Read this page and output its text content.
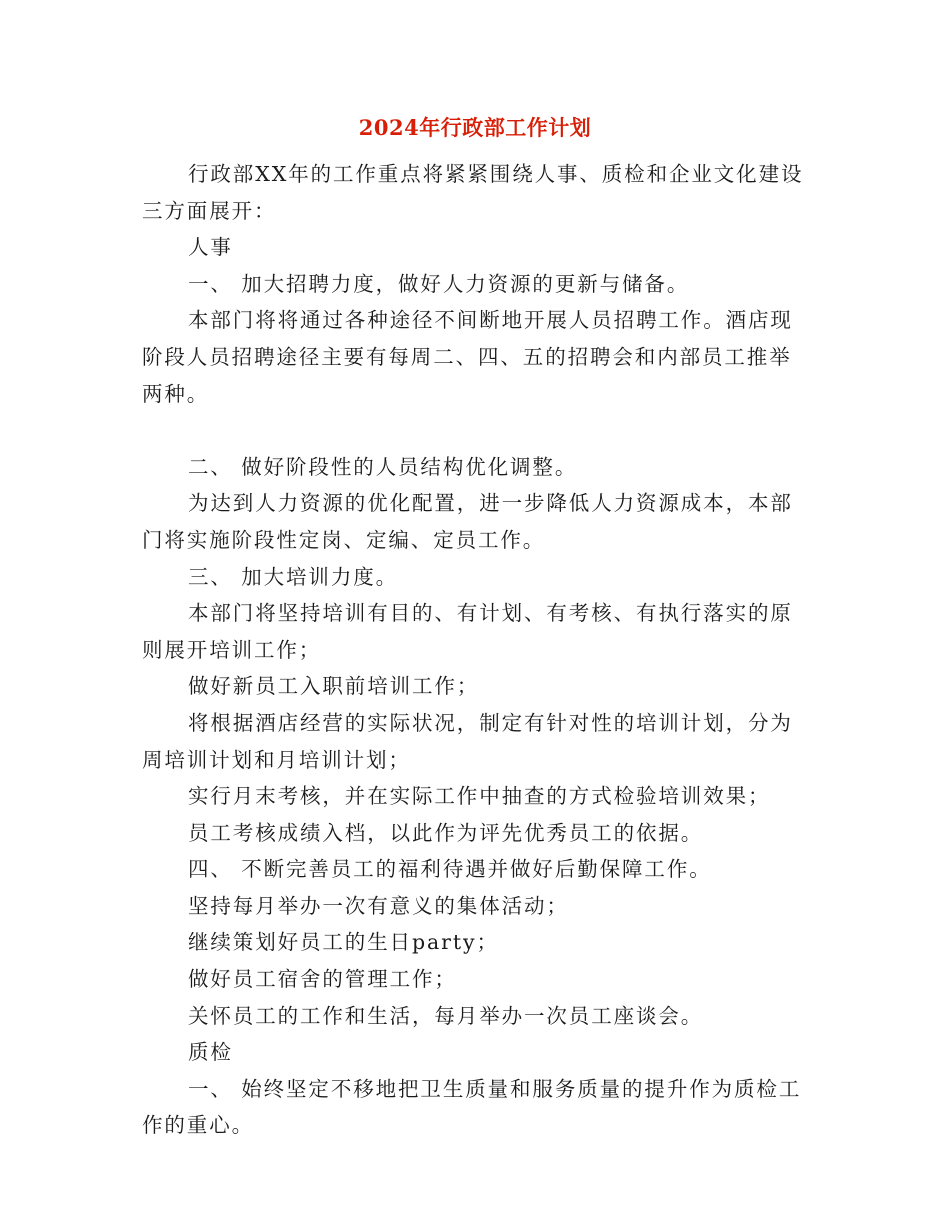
2024年行政部工作计划

行政部XX年的工作重点将紧紧围绕人事、质检和企业文化建设三方面展开：

人事

一、 加大招聘力度，做好人力资源的更新与储备。

本部门将将通过各种途径不间断地开展人员招聘工作。酒店现阶段人员招聘途径主要有每周二、四、五的招聘会和内部员工推举两种。

二、 做好阶段性的人员结构优化调整。

为达到人力资源的优化配置，进一步降低人力资源成本，本部门将实施阶段性定岗、定编、定员工作。

三、 加大培训力度。

本部门将坚持培训有目的、有计划、有考核、有执行落实的原则展开培训工作；

做好新员工入职前培训工作；

将根据酒店经营的实际状况，制定有针对性的培训计划，分为周培训计划和月培训计划；

实行月末考核，并在实际工作中抽查的方式检验培训效果；

员工考核成绩入档，以此作为评先优秀员工的依据。

四、 不断完善员工的福利待遇并做好后勤保障工作。

坚持每月举办一次有意义的集体活动；

继续策划好员工的生日party；

做好员工宿舍的管理工作；

关怀员工的工作和生活，每月举办一次员工座谈会。

质检

一、 始终坚定不移地把卫生质量和服务质量的提升作为质检工作的重心。
